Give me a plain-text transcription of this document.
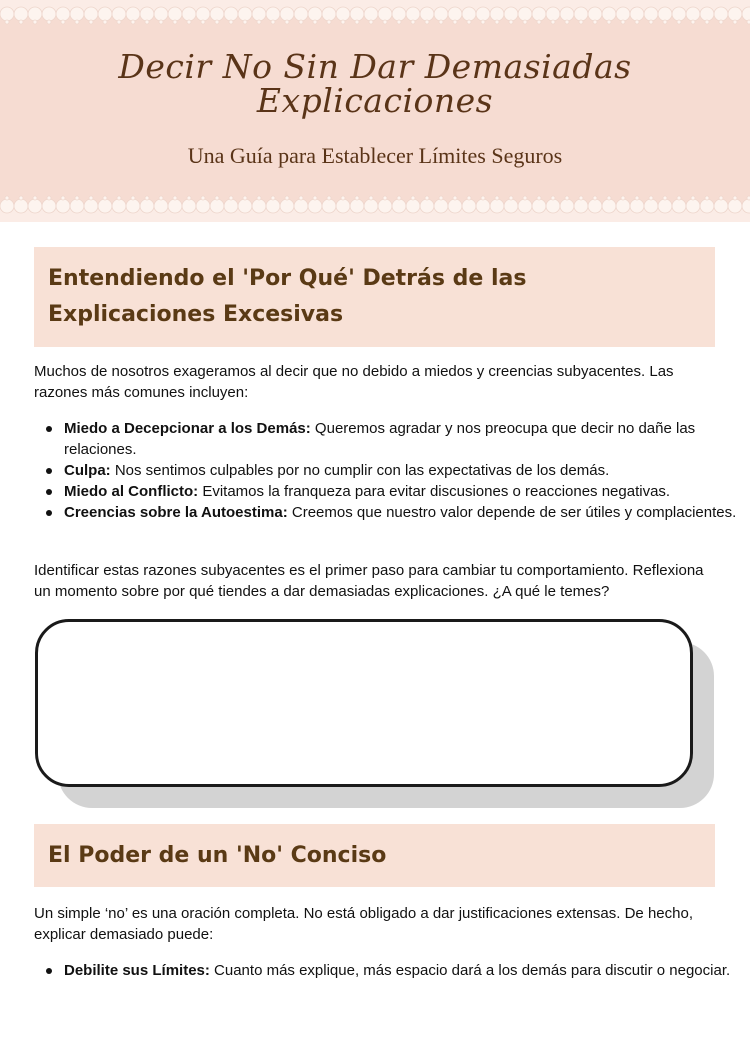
Decir No Sin Dar Demasiadas
Explicaciones
Una Guía para Establecer Límites Seguros
Entendiendo el 'Por Qué' Detrás de las Explicaciones Excesivas

Muchos de nosotros exageramos al decir que no debido a miedos y creencias subyacentes. Las razones más comunes incluyen:

Miedo a Decepcionar a los Demás: Queremos agradar y nos preocupa que decir no dañe las relaciones.
Culpa: Nos sentimos culpables por no cumplir con las expectativas de los demás.
Miedo al Conflicto: Evitamos la franqueza para evitar discusiones o reacciones negativas.
Creencias sobre la Autoestima: Creemos que nuestro valor depende de ser útiles y complacientes.

Identificar estas razones subyacentes es el primer paso para cambiar tu comportamiento. Reflexiona un momento sobre por qué tiendes a dar demasiadas explicaciones. ¿A qué le temes?

El Poder de un 'No' Conciso

Un simple ‘no’ es una oración completa. No está obligado a dar justificaciones extensas. De hecho, explicar demasiado puede:

Debilite sus Límites: Cuanto más explique, más espacio dará a los demás para discutir o negociar.
